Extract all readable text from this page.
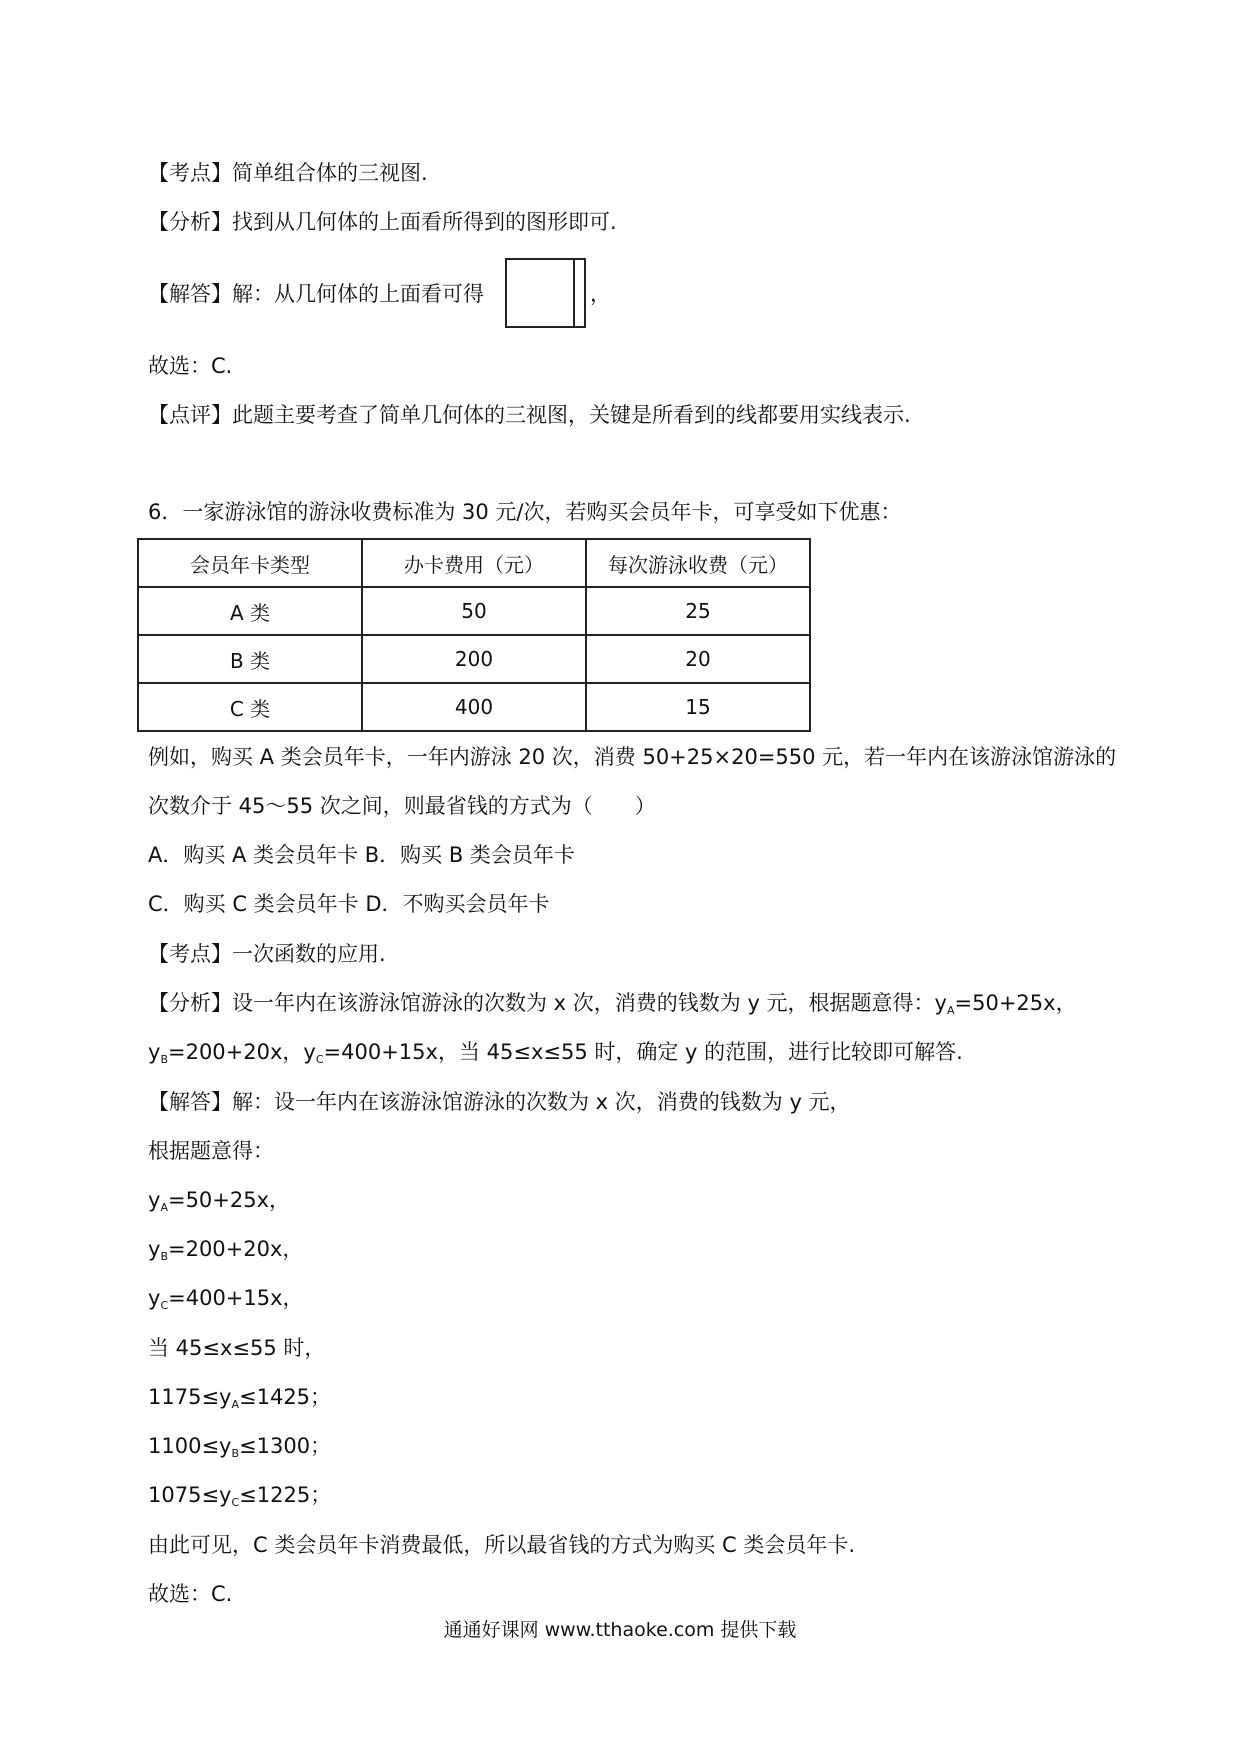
【考点】简单组合体的三视图.
【分析】找到从几何体的上面看所得到的图形即可.
【解答】解：从几何体的上面看可得	，
故选：C.
【点评】此题主要考查了简单几何体的三视图，关键是所看到的线都要用实线表示.
6．一家游泳馆的游泳收费标准为 30 元/次，若购买会员年卡，可享受如下优惠：
会员年卡类型	办卡费用（元）	每次游泳收费（元）
A 类	50	25
B 类	200	20
C 类	400	15
例如，购买 A 类会员年卡，一年内游泳 20 次，消费 50+25×20=550 元，若一年内在该游泳馆游泳的
次数介于 45～55 次之间，则最省钱的方式为（　　）
A．购买 A 类会员年卡 B．购买 B 类会员年卡
C．购买 C 类会员年卡 D．不购买会员年卡
【考点】一次函数的应用.
【分析】设一年内在该游泳馆游泳的次数为 x 次，消费的钱数为 y 元，根据题意得：$y_A=50+25x$，
$y_B=200+20x$，$y_C=400+15x$，当 45≤x≤55 时，确定 y 的范围，进行比较即可解答.
【解答】解：设一年内在该游泳馆游泳的次数为 x 次，消费的钱数为 y 元，
根据题意得：
$y_A=50+25x$，
$y_B=200+20x$，
$y_C=400+15x$，
当 45≤x≤55 时，
$1175\le y_A\le 1425$；
$1100\le y_B\le 1300$；
$1075\le y_C\le 1225$；
由此可见，C 类会员年卡消费最低，所以最省钱的方式为购买 C 类会员年卡.
故选：C.
通通好课网 www.tthaoke.com 提供下载
